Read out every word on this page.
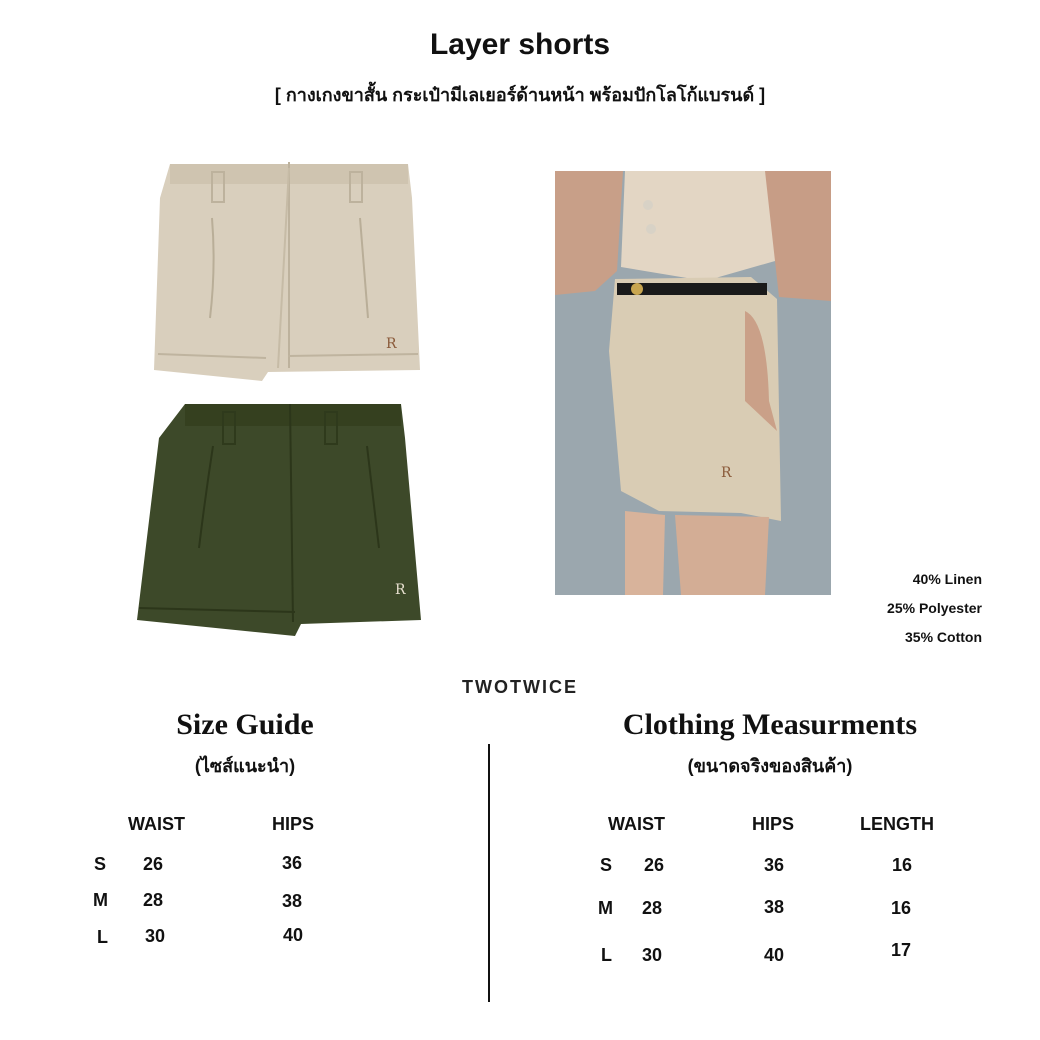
Layer shorts
[ กางเกงขาสั้น กระเป๋ามีเลเยอร์ด้านหน้า พร้อมปักโลโก้แบรนด์ ]
R
R
R
40% Linen
25% Polyester
35% Cotton
TWOTWICE
Size Guide
(ไซส์แนะนำ)
Clothing Measurments
(ขนาดจริงของสินค้า)
WAIST	HIPS
S 26	36
M 28	38
L 30	40
WAIST	HIPS	LENGTH
S 26	36	16
M 28	38	16
L 30	40	17
